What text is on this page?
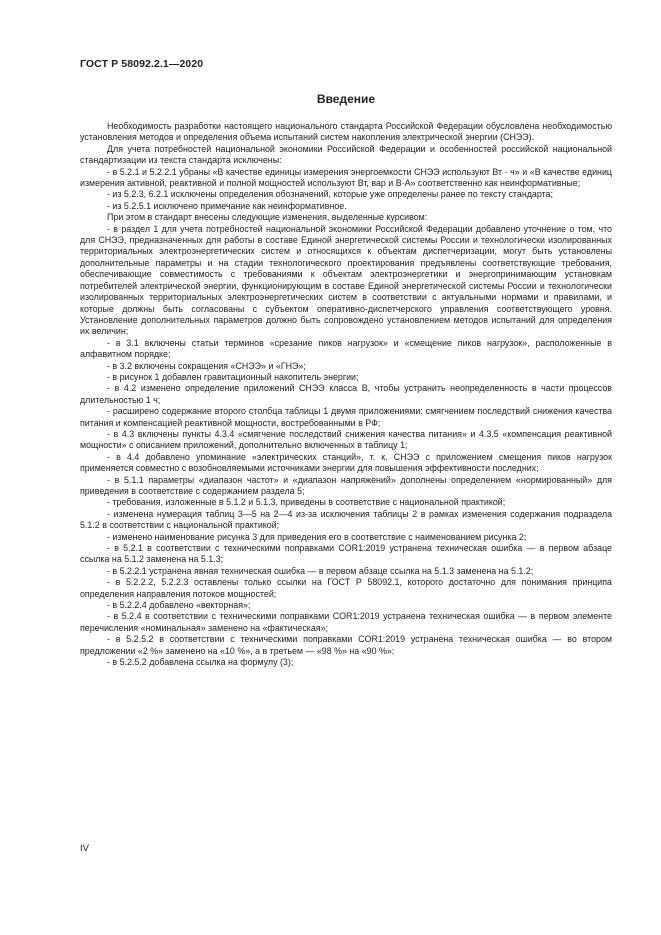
ГОСТ Р 58092.2.1—2020
Введение

Необходимость разработки настоящего национального стандарта Российской Федерации обусловлена необходимостью установления методов и определения объема испытаний систем накопления электрической энергии (СНЭЭ).

Для учета потребностей национальной экономики Российской Федерации и особенностей российской национальной стандартизации из текста стандарта исключены:

- в 5.2.1 и 5.2.2.1 убраны «В качестве единицы измерения энергоемкости СНЭЭ используют Вт · ч» и «В качестве единиц измерения активной, реактивной и полной мощностей используют Вт, вар и В·А» соответственно как неинформативные;

- из 5.2.3, 6.2.1 исключены определения обозначений, которые уже определены ранее по тексту стандарта;

- из 5.2.5.1 исключено примечание как неинформативное.

При этом в стандарт внесены следующие изменения, выделенные курсивом:

- в раздел 1 для учета потребностей национальной экономики Российской Федерации добавлено уточнение о том, что для СНЭЭ, предназначенных для работы в составе Единой энергетической системы России и технологически изолированных территориальных электроэнергетических систем и относящихся к объектам диспетчеризации, могут быть установлены дополнительные параметры и на стадии технологического проектирования предъявлены соответствующие требования, обеспечивающие совместимость с требованиями к объектам электроэнергетики и энергопринимающим установкам потребителей электрической энергии, функционирующим в составе Единой энергетической системы России и технологически изолированных территориальных электроэнергетических систем в соответствии с актуальными нормами и правилами, и которые должны быть согласованы с субъектом оперативно-диспетчерского управления соответствующего уровня. Установление дополнительных параметров должно быть сопровождено установлением методов испытаний для определения их величин;

- в 3.1 включены статьи терминов «срезание пиков нагрузок» и «смещение пиков нагрузок», расположенные в алфавитном порядке;

- в 3.2 включены сокращения «СНЭЭ» и «ГНЭ»;

- в рисунок 1 добавлен гравитационный накопитель энергии;

- в 4.2 изменено определение приложений СНЭЭ класса В, чтобы устранить неопределенность в части процессов длительностью 1 ч;

- расширено содержание второго столбца таблицы 1 двумя приложениями: смягчением последствий снижения качества питания и компенсацией реактивной мощности, востребованными в РФ;

- в 4.3 включены пункты 4.3.4 «смягчение последствий снижения качества питания» и 4.3.5 «компенсация реактивной мощности» с описанием приложений, дополнительно включенных в таблицу 1;

- в 4.4 добавлено упоминание «электрических станций», т. к. СНЭЭ с приложением смещения пиков нагрузок применяется совместно с возобновляемыми источниками энергии для повышения эффективности последних;

- в 5.1.1 параметры «диапазон частот» и «диапазон напряжений» дополнены определением «нормированный» для приведения в соответствие с содержанием раздела 5;

- требования, изложенные в 5.1.2 и 5.1.3, приведены в соответствие с национальной практикой;

- изменена нумерация таблиц 3—5 на 2—4 из-за исключения таблицы 2 в рамках изменения содержания подраздела 5.1.2 в соответствии с национальной практикой;

- изменено наименование рисунка 3 для приведения его в соответствие с наименованием рисунка 2;

- в 5.2.1 в соответствии с техническими поправками COR1:2019 устранена техническая ошибка — в первом абзаце ссылка на 5.1.2 заменена на 5.1.3;

- в 5.2.2.1 устранена явная техническая ошибка — в первом абзаце ссылка на 5.1.3 заменена на 5.1.2;

- в 5.2.2.2, 5.2.2.3 оставлены только ссылки на ГОСТ Р 58092.1, которого достаточно для понимания принципа определения направления потоков мощностей;

- в 5.2.2.4 добавлено «векторная»;

- в 5.2.4 в соответствии с техническими поправками COR1:2019 устранена техническая ошибка — в первом элементе перечисления «номинальная» заменено на «фактическая»;

- в 5.2.5.2 в соответствии с техническими поправками COR1:2019 устранена техническая ошибка — во втором предложении «2 %» заменено на «10 %», а в третьем — «98 %» на «90 %»;

- в 5.2.5.2 добавлена ссылка на формулу (3);

IV
